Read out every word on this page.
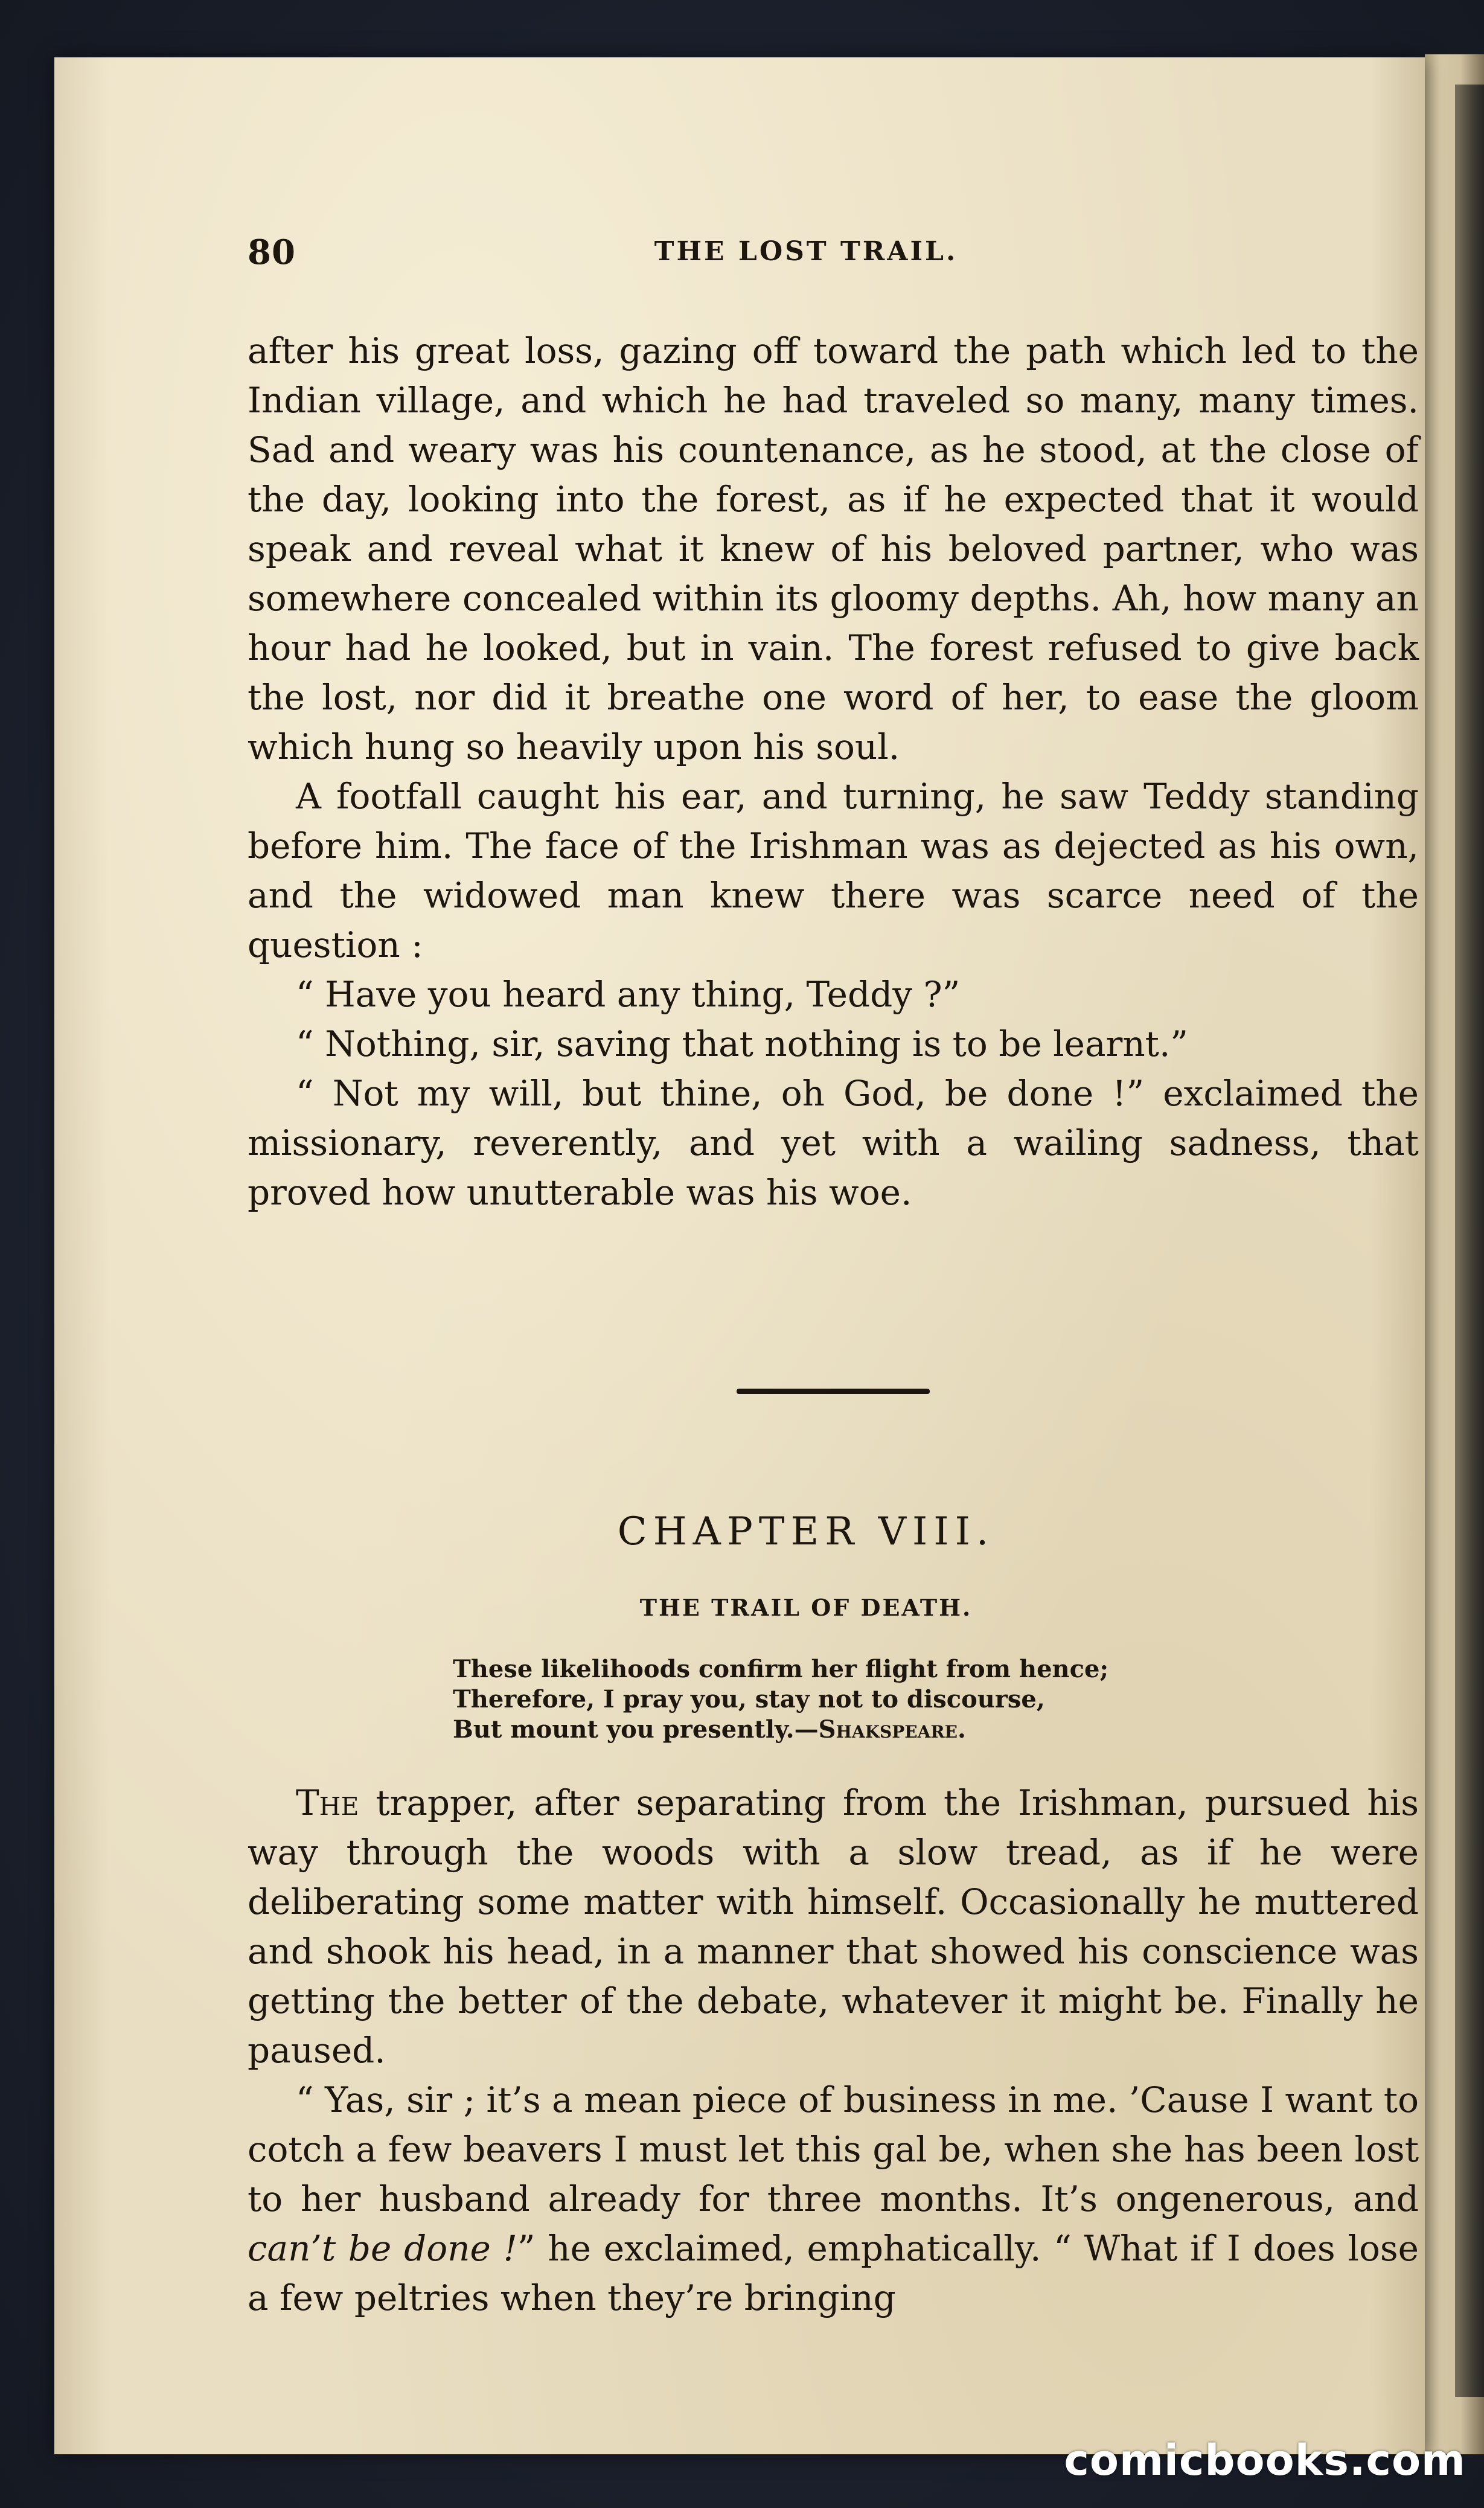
80	THE LOST TRAIL.

after his great loss, gazing off toward the path which led to the Indian village, and which he had traveled so many, many times. Sad and weary was his countenance, as he stood, at the close of the day, looking into the forest, as if he expected that it would speak and reveal what it knew of his beloved partner, who was somewhere concealed within its gloomy depths. Ah, how many an hour had he looked, but in vain. The forest refused to give back the lost, nor did it breathe one word of her, to ease the gloom which hung so heavily upon his soul.

A footfall caught his ear, and turning, he saw Teddy standing before him. The face of the Irishman was as dejected as his own, and the widowed man knew there was scarce need of the question :

“ Have you heard any thing, Teddy ?”

“ Nothing, sir, saving that nothing is to be learnt.”

“ Not my will, but thine, oh God, be done !” exclaimed the missionary, reverently, and yet with a wailing sadness, that proved how unutterable was his woe.

CHAPTER VIII.
THE TRAIL OF DEATH.
These likelihoods confirm her flight from hence;
Therefore, I pray you, stay not to discourse,
But mount you presently.—Shakspeare.

The trapper, after separating from the Irishman, pursued his way through the woods with a slow tread, as if he were deliberating some matter with himself. Occasionally he muttered and shook his head, in a manner that showed his conscience was getting the better of the debate, whatever it might be. Finally he paused.

“ Yas, sir ; it’s a mean piece of business in me. ’Cause I want to cotch a few beavers I must let this gal be, when she has been lost to her husband already for three months. It’s ongenerous, and can’t be done !” he exclaimed, emphatically. “ What if I does lose a few peltries when they’re bringing

comicbooks.com
